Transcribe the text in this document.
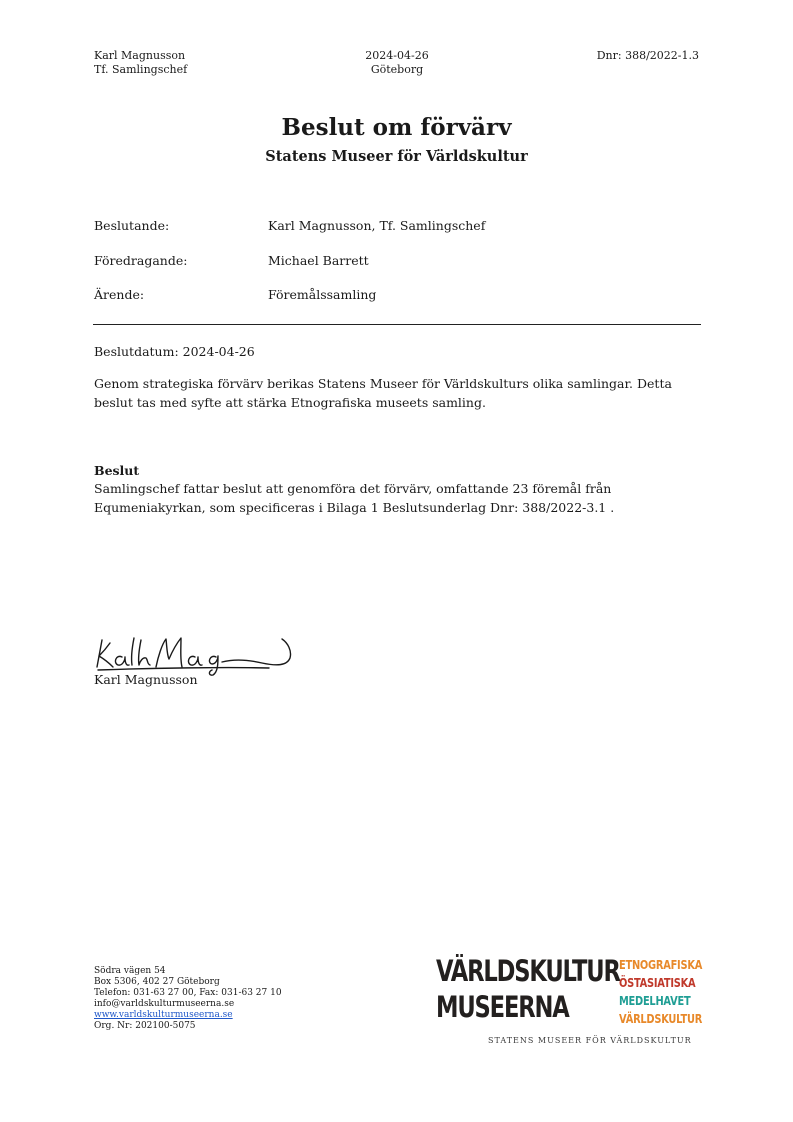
Karl Magnusson
Tf. Samlingschef
2024-04-26
Göteborg
Dnr: 388/2022-1.3
Beslut om förvärv
Statens Museer för Världskultur
Beslutande:	Karl Magnusson, Tf. Samlingschef
Föredragande:	Michael Barrett
Ärende:	Föremålssamling
Beslutdatum: 2024-04-26
Genom strategiska förvärv berikas Statens Museer för Världskulturs olika samlingar. Detta beslut tas med syfte att stärka Etnografiska museets samling.
Beslut
Samlingschef fattar beslut att genomföra det förvärv, omfattande 23 föremål från Equmeniakyrkan, som specificeras i Bilaga 1 Beslutsunderlag Dnr: 388/2022-3.1 .
Karl Magnusson
Södra vägen 54
Box 5306, 402 27 Göteborg
Telefon: 031-63 27 00, Fax: 031-63 27 10
info@varldskulturmuseerna.se
www.varldskulturmuseerna.se
Org. Nr: 202100-5075
VÄRLDSKULTUR
MUSEERNA
ETNOGRAFISKA
ÖSTASIATISKA
MEDELHAVET
VÄRLDSKULTUR
STATENS MUSEER FÖR VÄRLDSKULTUR
